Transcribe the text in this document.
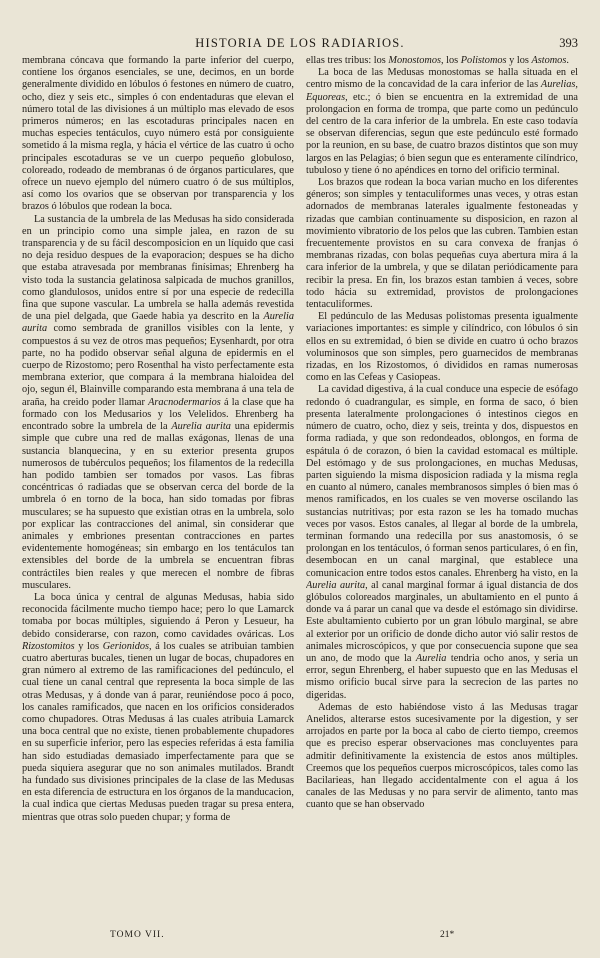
HISTORIA DE LOS RADIARIOS.	393

membrana cóncava que formando la parte inferior del cuerpo, contiene los órganos esenciales, se une, decimos, en un borde generalmente dividido en lóbulos ó festones en número de cuatro, ocho, diez y seis etc., simples ó con endentaduras que elevan el número total de las divisiones á un múltiplo mas elevado de esos primeros números; en las escotaduras principales nacen en muchas especies tentáculos, cuyo número está por consiguiente sometido á la misma regla, y hácia el vértice de las cuatro ú ocho principales escotaduras se ve un cuerpo pequeño globuloso, coloreado, rodeado de membranas ó de órganos particulares, que ofrece un nuevo ejemplo del número cuatro ó de sus múltiplos, así como los ovarios que se observan por transparencia y los brazos ó lóbulos que rodean la boca.

La sustancia de la umbrela de las Medusas ha sido considerada en un principio como una simple jalea, en razon de su transparencia y de su fácil descomposicion en un líquido que casi no deja residuo despues de la evaporacion; despues se ha dicho que estaba atravesada por membranas finísimas; Ehrenberg ha visto toda la sustancia gelatinosa salpicada de muchos granillos, como glandulosos, unidos entre sí por una especie de redecilla fina que supone vascular. La umbrela se halla además revestida de una piel delgada, que Gaede habia ya descrito en la Aurelia aurita como sembrada de granillos visibles con la lente, y compuestos á su vez de otros mas pequeños; Eysenhardt, por otra parte, no ha podido observar señal alguna de epidermis en el cuerpo de Rizostomo; pero Rosenthal ha visto perfectamente esta membrana exterior, que compara á la membrana hialoidea del ojo, segun él, Blainville comparando esta membrana á una tela de araña, ha creido poder llamar Aracnodermarios á la clase que ha formado con los Medusarios y los Velelidos. Ehrenberg ha encontrado sobre la umbrela de la Aurelia aurita una epidermis simple que cubre una red de mallas exágonas, llenas de una sustancia blanquecina, y en su exterior presenta grupos numerosos de tubérculos pequeños; los filamentos de la redecilla han podido tambien ser tomados por vasos. Las fibras concéntricas ó radiadas que se observan cerca del borde de la umbrela ó en torno de la boca, han sido tomadas por fibras musculares; se ha supuesto que existian otras en la umbrela, solo por explicar las contracciones del animal, sin considerar que animales y embriones presentan contracciones en partes evidentemente homogéneas; sin embargo en los tentáculos tan extensibles del borde de la umbrela se encuentran fibras contráctiles bien reales y que merecen el nombre de fibras musculares.

La boca única y central de algunas Medusas, habia sido reconocida fácilmente mucho tiempo hace; pero lo que Lamarck tomaba por bocas múltiples, siguiendo á Peron y Lesueur, ha debido considerarse, con razon, como cavidades ováricas. Los Rizostomitos y los Gerionidos, á los cuales se atribuian tambien cuatro aberturas bucales, tienen un lugar de bocas, chupadores en gran número al extremo de las ramificaciones del pedúnculo, el cual tiene un canal central que representa la boca simple de las otras Medusas, y á donde van á parar, reuniéndose poco á poco, los canales ramificados, que nacen en los orificios considerados como chupadores. Otras Medusas á las cuales atribuia Lamarck una boca central que no existe, tienen probablemente chupadores en su superficie inferior, pero las especies referidas á esta familia han sido estudiadas demasiado imperfectamente para que se pueda siquiera asegurar que no son animales mutilados. Brandt ha fundado sus divisiones principales de la clase de las Medusas en esta diferencia de estructura en los órganos de la manducacion, la cual indica que ciertas Medusas pueden tragar su presa entera, mientras que otras solo pueden chupar; y forma de

ellas tres tribus: los Monostomos, los Polistomos y los Astomos.

La boca de las Medusas monostomas se halla situada en el centro mismo de la concavidad de la cara inferior de las Aurelias, Equoreas, etc.; ó bien se encuentra en la extremidad de una prolongacion en forma de trompa, que parte como un pedúnculo del centro de la cara inferior de la umbrela. En este caso todavía se observan diferencias, segun que este pedúnculo esté formado por la reunion, en su base, de cuatro brazos distintos que son muy largos en las Pelagias; ó bien segun que es enteramente cilíndrico, tubuloso y tiene ó no apéndices en torno del orificio terminal.

Los brazos que rodean la boca varian mucho en los diferentes géneros; son simples y tentaculiformes unas veces, y otras estan adornados de membranas laterales igualmente festoneadas y rizadas que cambian continuamente su disposicion, en razon al movimiento vibratorio de los pelos que las cubren. Tambien estan frecuentemente provistos en su cara convexa de franjas ó membranas rizadas, con bolas pequeñas cuya abertura mira á la cara inferior de la umbrela, y que se dilatan periódicamente para recibir la presa. En fin, los brazos estan tambien á veces, sobre todo hácia su extremidad, provistos de prolongaciones tentaculiformes.

El pedúnculo de las Medusas polistomas presenta igualmente variaciones importantes: es simple y cilíndrico, con lóbulos ó sin ellos en su extremidad, ó bien se divide en cuatro ú ocho brazos voluminosos que son simples, pero guarnecidos de membranas rizadas, en los Rizostomos, ó divididos en ramas numerosas como en las Cefeas y Casiopeas.

La cavidad digestiva, á la cual conduce una especie de esófago redondo ó cuadrangular, es simple, en forma de saco, ó bien presenta lateralmente prolongaciones ó intestinos ciegos en número de cuatro, ocho, diez y seis, treinta y dos, dispuestos en forma radiada, y que son redondeados, oblongos, en forma de espátula ó de corazon, ó bien la cavidad estomacal es múltiple. Del estómago y de sus prolongaciones, en muchas Medusas, parten siguiendo la misma disposicion radiada y la misma regla en cuanto al número, canales membranosos simples ó bien mas ó menos ramificados, en los cuales se ven moverse oscilando las sustancias nutritivas; por esta razon se les ha tomado muchas veces por vasos. Estos canales, al llegar al borde de la umbrela, terminan formando una redecilla por sus anastomosis, ó se prolongan en los tentáculos, ó forman senos particulares, ó en fin, desembocan en un canal marginal, que establece una comunicacion entre todos estos canales. Ehrenberg ha visto, en la Aurelia aurita, al canal marginal formar á igual distancia de dos glóbulos coloreados marginales, un abultamiento en el punto á donde va á parar un canal que va desde el estómago sin dividirse. Este abultamiento cubierto por un gran lóbulo marginal, se abre al exterior por un orificio de donde dicho autor vió salir restos de animales microscópicos, y que por consecuencia supone que sea un ano, de modo que la Aurelia tendria ocho anos, y seria un error, segun Ehrenberg, el haber supuesto que en las Medusas el mismo orificio bucal sirve para la secrecion de las partes no digeridas.

Ademas de esto habiéndose visto á las Medusas tragar Anelidos, alterarse estos sucesivamente por la digestion, y ser arrojados en parte por la boca al cabo de cierto tiempo, creemos que es preciso esperar observaciones mas concluyentes para admitir definitivamente la existencia de estos anos múltiples. Creemos que los pequeños cuerpos microscópicos, tales como las Bacilarieas, han llegado accidentalmente con el agua á los canales de las Medusas y no para servir de alimento, tanto mas cuanto que se han observado

TOMO VII.	21*
